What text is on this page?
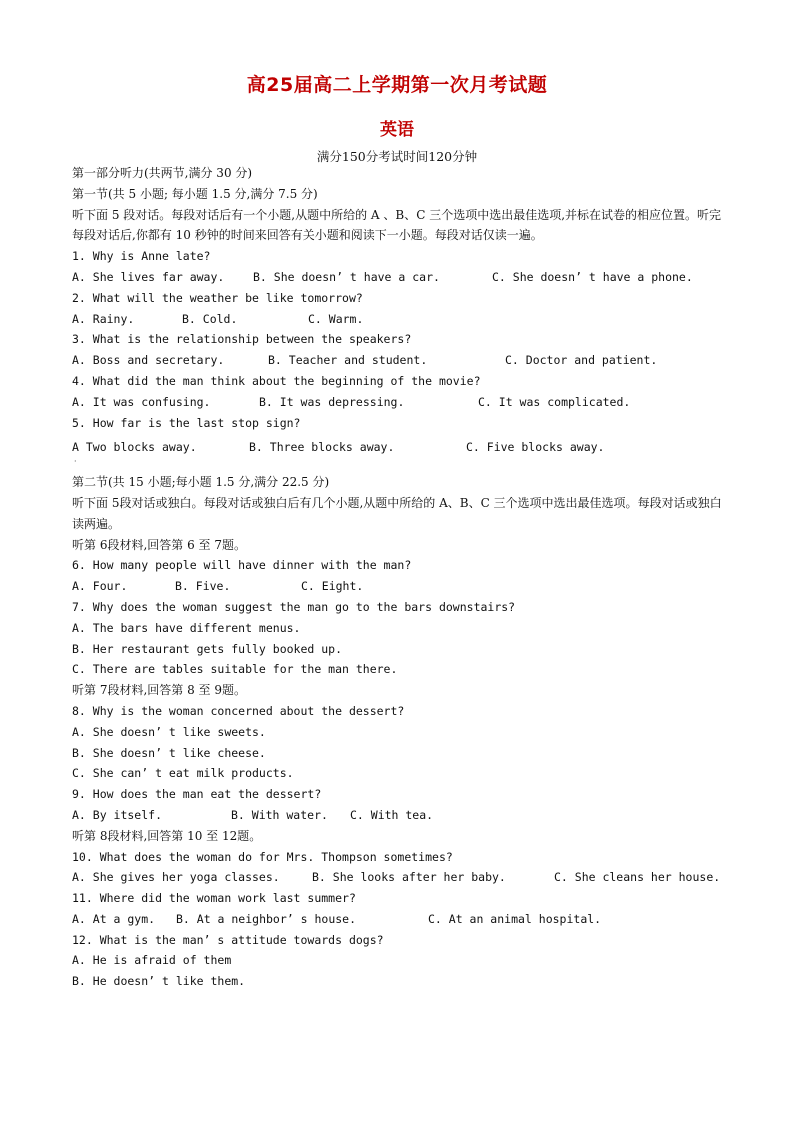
高25届高二上学期第一次月考试题
英语
满分150分考试时间120分钟
第一部分听力(共两节,满分 30 分)
第一节(共 5 小题; 每小题 1.5 分,满分 7.5 分)
听下面 5 段对话。每段对话后有一个小题,从题中所给的 A 、B、C 三个选项中选出最佳选项,并标在试卷的相应位置。听完每段对话后,你都有 10 秒钟的时间来回答有关小题和阅读下一小题。每段对话仅读一遍。
1. Why is Anne late?
A. She lives far away.	B. She doesn’ t have a car.	C. She doesn’ t have a phone.
2. What will the weather be like tomorrow?
A. Rainy.	B. Cold.	C. Warm.
3. What is the relationship between the speakers?
A. Boss and secretary.	B. Teacher and student.	C. Doctor and patient.
4. What did the man think about the beginning of the movie?
A. It was confusing.	B. It was depressing.	C. It was complicated.
5. How far is the last stop sign?
A Two blocks away.	B. Three blocks away.	C. Five blocks away.
·
第二节(共 15 小题;每小题 1.5 分,满分 22.5 分)
听下面 5段对话或独白。每段对话或独白后有几个小题,从题中所给的 A、B、C 三个选项中选出最佳选项。每段对话或独白读两遍。
听第 6段材料,回答第 6 至 7题。
6. How many people will have dinner with the man?
A. Four.	B. Five.	C. Eight.
7. Why does the woman suggest the man go to the bars downstairs?
A. The bars have different menus.
B. Her restaurant gets fully booked up.
C. There are tables suitable for the man there.
听第 7段材料,回答第 8 至 9题。
8. Why is the woman concerned about the dessert?
A. She doesn’ t like sweets.
B. She doesn’ t like cheese.
C. She can’ t eat milk products.
9. How does the man eat the dessert?
A. By itself.	B. With water.	C. With tea.
听第 8段材料,回答第 10 至 12题。
10. What does the woman do for Mrs. Thompson sometimes?
A. She gives her yoga classes.	B. She looks after her baby.	C. She cleans her house.
11. Where did the woman work last summer?
A. At a gym.	B. At a neighbor’ s house.	C. At an animal hospital.
12. What is the man’ s attitude towards dogs?
A. He is afraid of them
B. He doesn’ t like them.
